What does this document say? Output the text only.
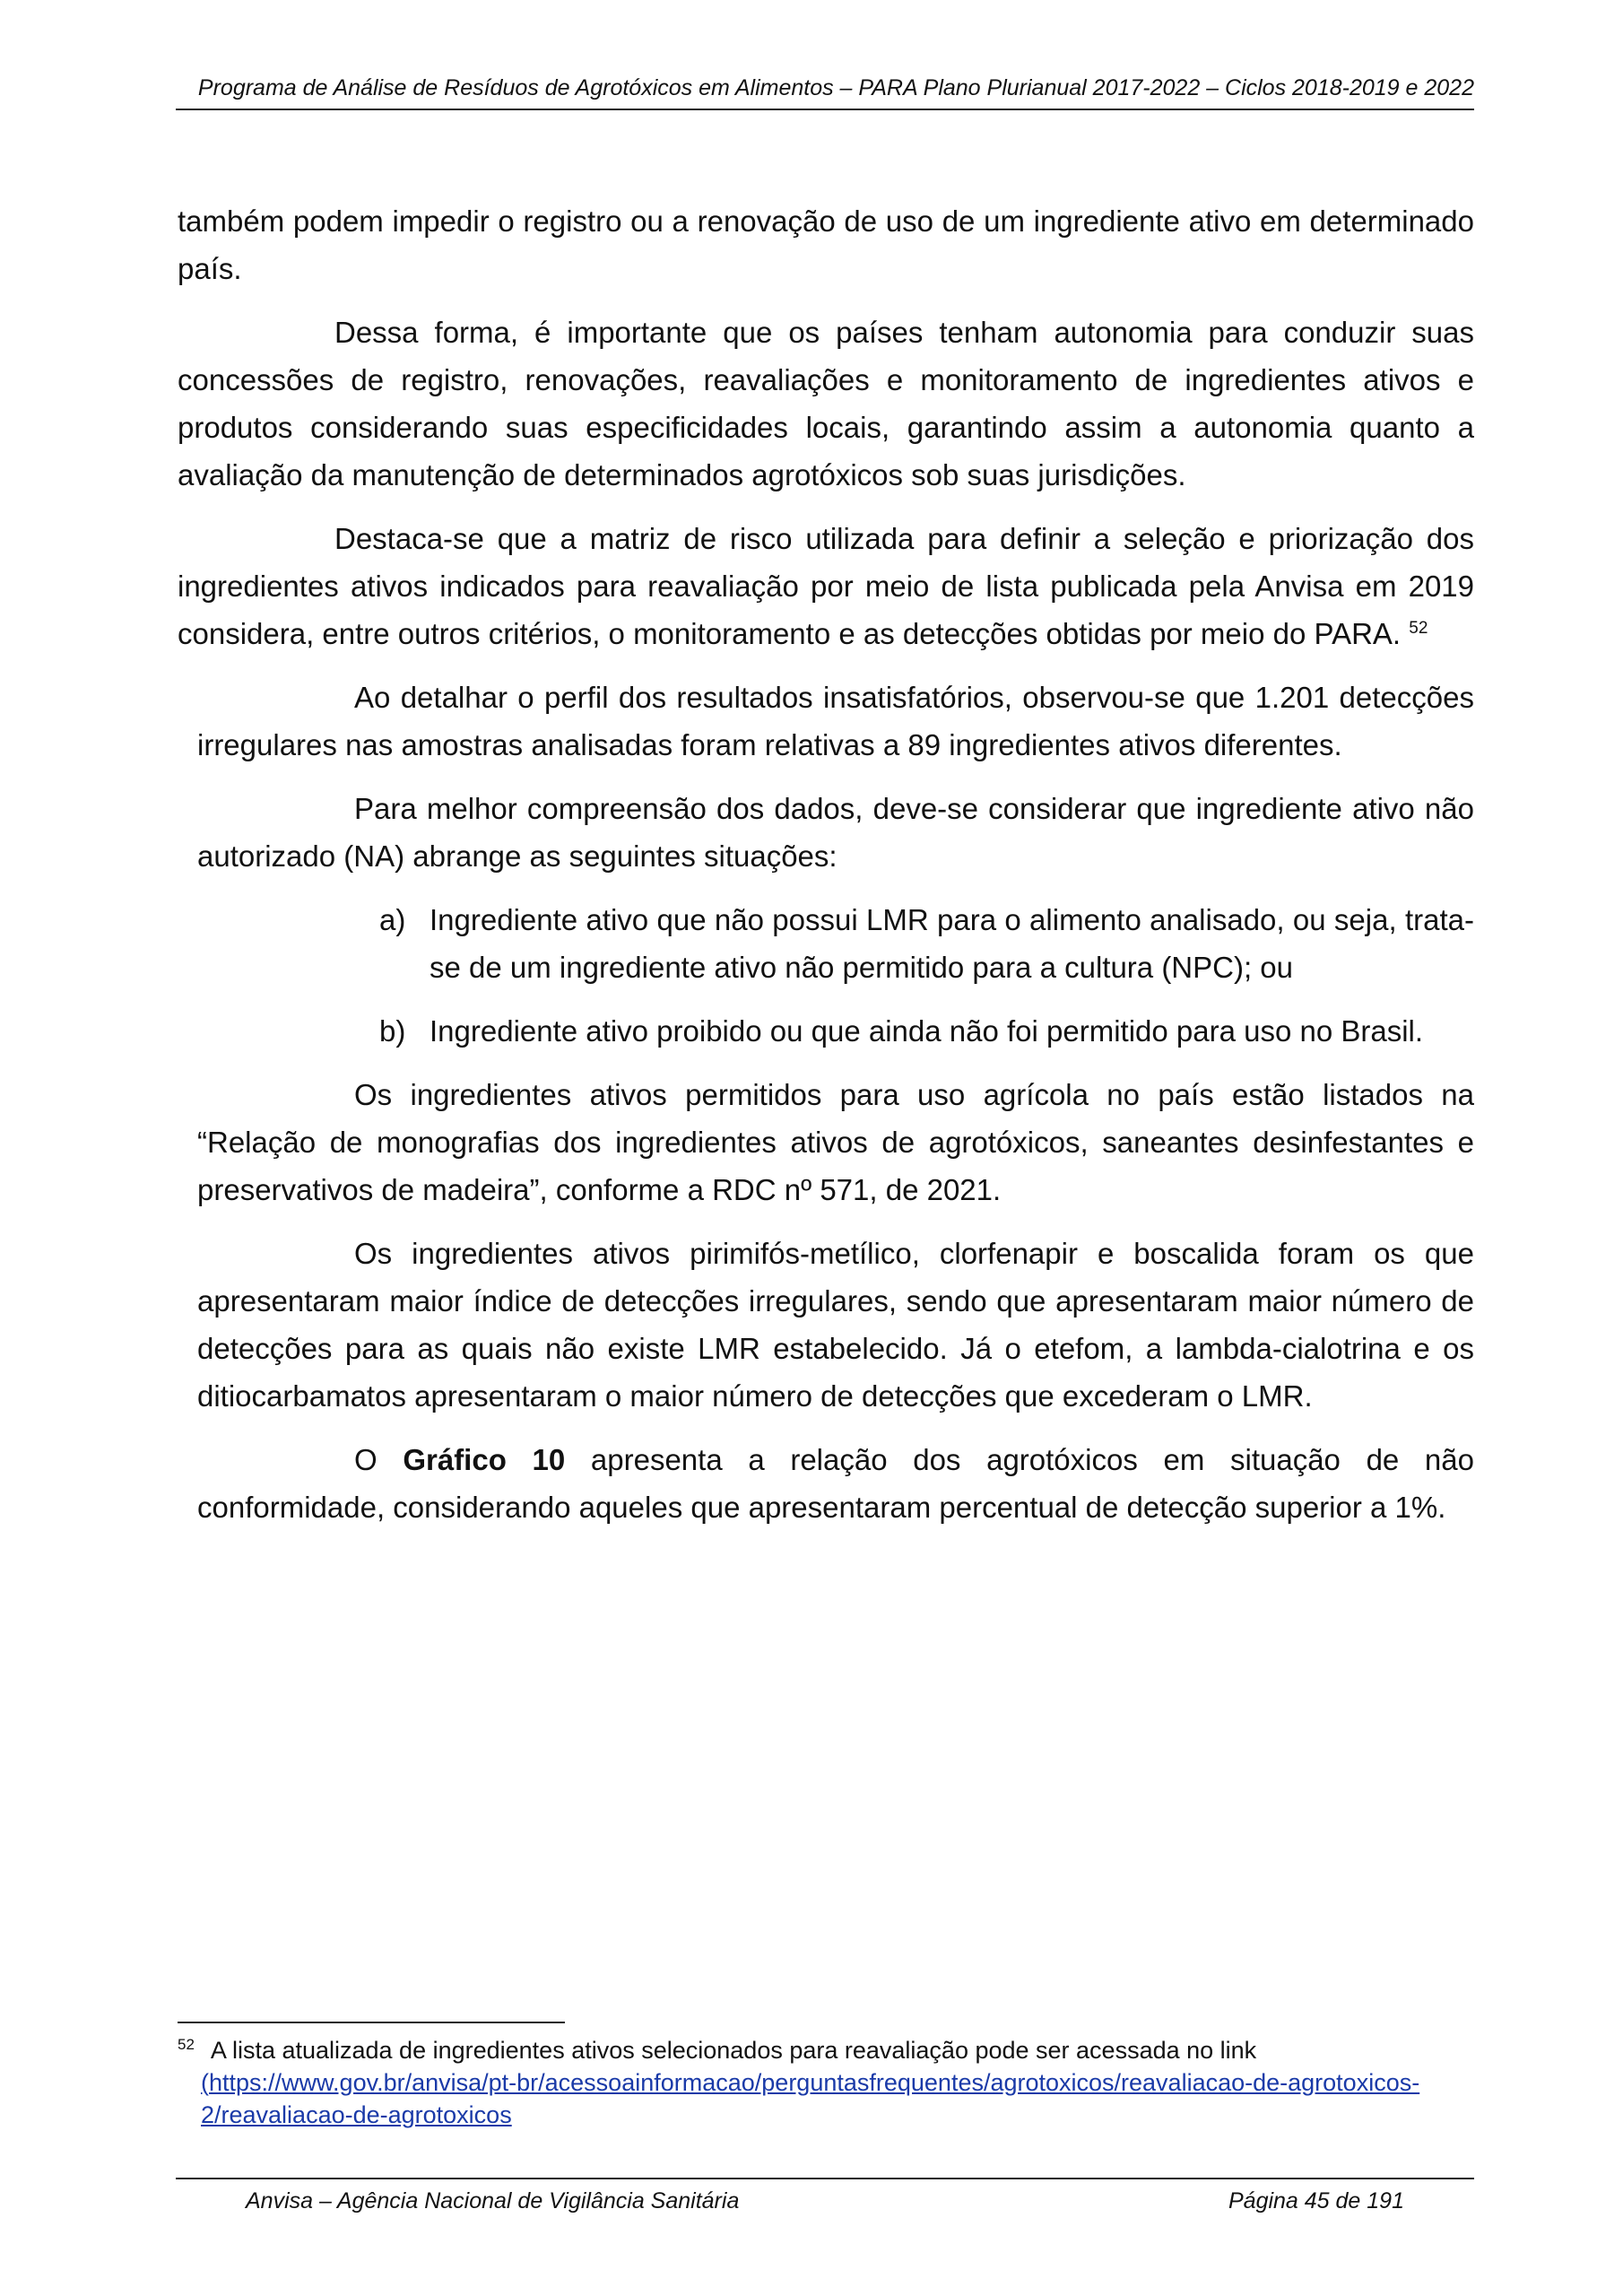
Programa de Análise de Resíduos de Agrotóxicos em Alimentos – PARA Plano Plurianual 2017-2022 – Ciclos 2018-2019 e 2022

também podem impedir o registro ou a renovação de uso de um ingrediente ativo em determinado país.

Dessa forma, é importante que os países tenham autonomia para conduzir suas concessões de registro, renovações, reavaliações e monitoramento de ingredientes ativos e produtos considerando suas especificidades locais, garantindo assim a autonomia quanto a avaliação da manutenção de determinados agrotóxicos sob suas jurisdições.

Destaca-se que a matriz de risco utilizada para definir a seleção e priorização dos ingredientes ativos indicados para reavaliação por meio de lista publicada pela Anvisa em 2019 considera, entre outros critérios, o monitoramento e as detecções obtidas por meio do PARA. $^{52}$

Ao detalhar o perfil dos resultados insatisfatórios, observou-se que 1.201 detecções irregulares nas amostras analisadas foram relativas a 89 ingredientes ativos diferentes.

Para melhor compreensão dos dados, deve-se considerar que ingrediente ativo não autorizado (NA) abrange as seguintes situações:

a) Ingrediente ativo que não possui LMR para o alimento analisado, ou seja, trata-se de um ingrediente ativo não permitido para a cultura (NPC); ou
b) Ingrediente ativo proibido ou que ainda não foi permitido para uso no Brasil.

Os ingredientes ativos permitidos para uso agrícola no país estão listados na “Relação de monografias dos ingredientes ativos de agrotóxicos, saneantes desinfestantes e preservativos de madeira”, conforme a RDC nº 571, de 2021.

Os ingredientes ativos pirimifós-metílico, clorfenapir e boscalida foram os que apresentaram maior índice de detecções irregulares, sendo que apresentaram maior número de detecções para as quais não existe LMR estabelecido. Já o etefom, a lambda-cialotrina e os ditiocarbamatos apresentaram o maior número de detecções que excederam o LMR.

O Gráfico 10 apresenta a relação dos agrotóxicos em situação de não conformidade, considerando aqueles que apresentaram percentual de detecção superior a 1%.

$^{52}$ A lista atualizada de ingredientes ativos selecionados para reavaliação pode ser acessada no link
(https://www.gov.br/anvisa/pt-br/acessoainformacao/perguntasfrequentes/agrotoxicos/reavaliacao-de-agrotoxicos-2/reavaliacao-de-agrotoxicos
Anvisa – Agência Nacional de Vigilância Sanitária	Página 45 de 191
